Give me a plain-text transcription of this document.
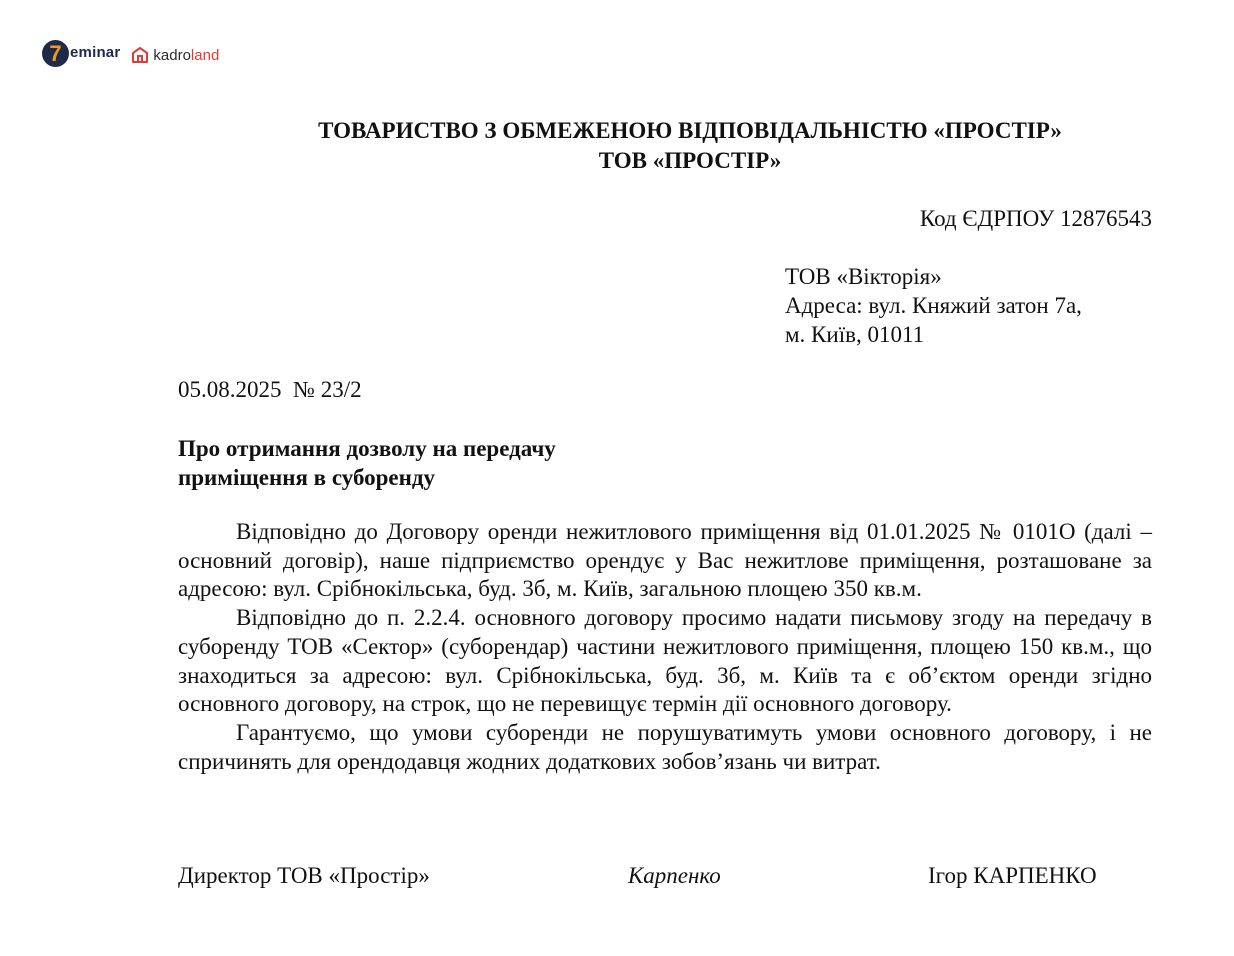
7 eminar kadro land
ТОВАРИСТВО З ОБМЕЖЕНОЮ ВІДПОВІДАЛЬНІСТЮ «ПРОСТІР»
ТОВ «ПРОСТІР»
Код ЄДРПОУ 12876543
ТОВ «Вікторія»
Адреса: вул. Княжий затон 7а,
м. Київ, 01011
05.08.2025  № 23/2
Про отримання дозволу на передачу
приміщення в суборенду

Відповідно до Договору оренди нежитлового приміщення від 01.01.2025 № 0101О (далі – основний договір), наше підприємство орендує у Вас нежитлове приміщення, розташоване за адресою: вул. Срібнокільська, буд. 3б, м. Київ, загальною площею 350 кв.м.

Відповідно до п. 2.2.4. основного договору просимо надати письмову згоду на передачу в суборенду ТОВ «Сектор» (суборендар) частини нежитлового приміщення, площею 150 кв.м., що знаходиться за адресою: вул. Срібнокільська, буд. 3б, м. Київ та є об’єктом оренди згідно основного договору, на строк, що не перевищує термін дії основного договору.

Гарантуємо, що умови суборенди не порушуватимуть умови основного договору, і не спричинять для орендодавця жодних додаткових зобов’язань чи витрат.

Директор ТОВ «Простір»	Карпенко	Ігор КАРПЕНКО
